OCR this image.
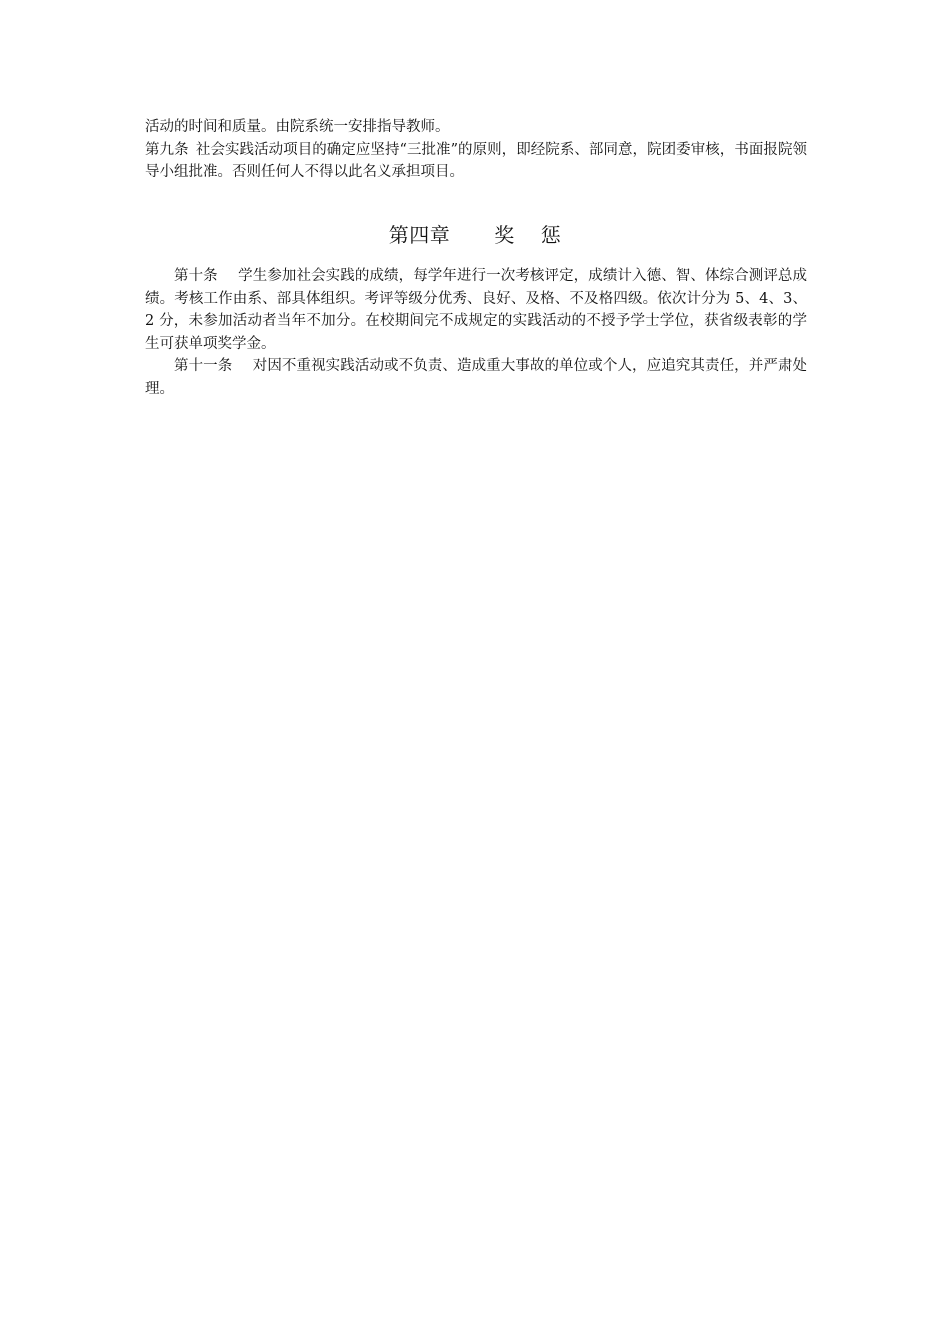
活动的时间和质量。由院系统一安排指导教师。

第九条 社会实践活动项目的确定应坚持“三批准”的原则，即经院系、部同意，院团委审核，书面报院领导小组批准。否则任何人不得以此名义承担项目。

第四章 奖 惩

第十条 学生参加社会实践的成绩，每学年进行一次考核评定，成绩计入德、智、体综合测评总成绩。考核工作由系、部具体组织。考评等级分优秀、良好、及格、不及格四级。依次计分为 5、4、3、2 分，未参加活动者当年不加分。在校期间完不成规定的实践活动的不授予学士学位，获省级表彰的学生可获单项奖学金。

第十一条 对因不重视实践活动或不负责、造成重大事故的单位或个人，应追究其责任，并严肃处理。
